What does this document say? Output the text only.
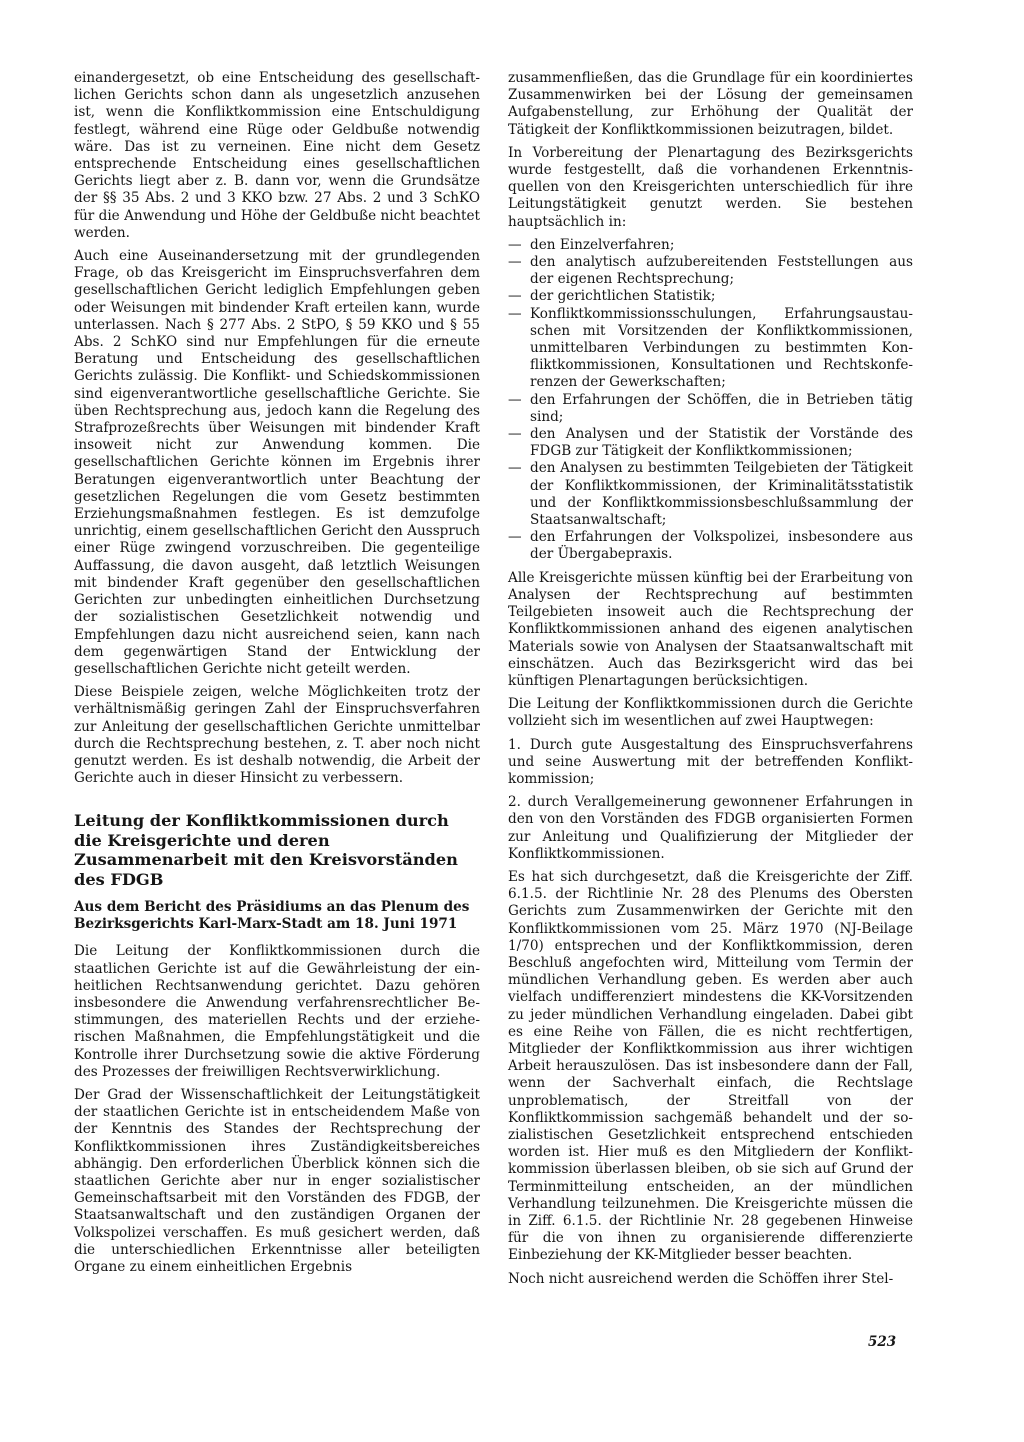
einandergesetzt, ob eine Entscheidung des gesellschaftlichen Gerichts schon dann als ungesetzlich anzusehen ist, wenn die Konfliktkommission eine Entschuldigung festlegt, während eine Rüge oder Geldbuße notwendig wäre. Das ist zu verneinen. Eine nicht dem Gesetz entsprechende Entscheidung eines gesellschaftlichen Gerichts liegt aber z. B. dann vor, wenn die Grundsätze der §§ 35 Abs. 2 und 3 KKO bzw. 27 Abs. 2 und 3 SchKO für die Anwendung und Höhe der Geldbuße nicht beachtet werden.

Auch eine Auseinandersetzung mit der grundlegenden Frage, ob das Kreisgericht im Einspruchsverfahren dem gesellschaftlichen Gericht lediglich Empfehlungen geben oder Weisungen mit bindender Kraft erteilen kann, wurde unterlassen. Nach § 277 Abs. 2 StPO, § 59 KKO und § 55 Abs. 2 SchKO sind nur Empfehlungen für die erneute Beratung und Entscheidung des gesellschaftlichen Gerichts zulässig. Die Konflikt- und Schiedskommissionen sind eigenverantwortliche gesellschaftliche Gerichte. Sie üben Rechtsprechung aus, jedoch kann die Regelung des Strafprozeßrechts über Weisungen mit bindender Kraft insoweit nicht zur Anwendung kommen. Die gesellschaftlichen Gerichte können im Ergebnis ihrer Beratungen eigenverantwortlich unter Beachtung der gesetzlichen Regelungen die vom Gesetz bestimmten Erziehungsmaßnahmen festlegen. Es ist demzufolge unrichtig, einem gesellschaftlichen Gericht den Ausspruch einer Rüge zwingend vorzuschreiben. Die gegenteilige Auffassung, die davon ausgeht, daß letztlich Weisungen mit bindender Kraft gegenüber den gesellschaftlichen Gerichten zur unbedingten einheitlichen Durchsetzung der sozialistischen Gesetzlichkeit notwendig und Empfehlungen dazu nicht ausreichend seien, kann nach dem gegenwärtigen Stand der Entwicklung der gesellschaftlichen Gerichte nicht geteilt werden.

Diese Beispiele zeigen, welche Möglichkeiten trotz der verhältnismäßig geringen Zahl der Einspruchsverfahren zur Anleitung der gesellschaftlichen Gerichte unmittelbar durch die Rechtsprechung bestehen, z. T. aber noch nicht genutzt werden. Es ist deshalb notwendig, die Arbeit der Gerichte auch in dieser Hinsicht zu verbessern.

Leitung der Konfliktkommissionen durch die Kreisgerichte und deren Zusammenarbeit mit den Kreisvorständen des FDGB
Aus dem Bericht des Präsidiums an das Plenum des Bezirksgerichts Karl-Marx-Stadt am 18. Juni 1971

Die Leitung der Konfliktkommissionen durch die staatlichen Gerichte ist auf die Gewährleistung der einheitlichen Rechtsanwendung gerichtet. Dazu gehören insbesondere die Anwendung verfahrensrechtlicher Bestimmungen, des materiellen Rechts und der erzieherischen Maßnahmen, die Empfehlungstätigkeit und die Kontrolle ihrer Durchsetzung sowie die aktive Förderung des Prozesses der freiwilligen Rechtsverwirklichung.

Der Grad der Wissenschaftlichkeit der Leitungstätigkeit der staatlichen Gerichte ist in entscheidendem Maße von der Kenntnis des Standes der Rechtsprechung der Konfliktkommissionen ihres Zuständigkeitsbereiches abhängig. Den erforderlichen Überblick können sich die staatlichen Gerichte aber nur in enger sozialistischer Gemeinschaftsarbeit mit den Vorständen des FDGB, der Staatsanwaltschaft und den zuständigen Organen der Volkspolizei verschaffen. Es muß gesichert werden, daß die unterschiedlichen Erkenntnisse aller beteiligten Organe zu einem einheitlichen Ergebnis

zusammenfließen, das die Grundlage für ein koordiniertes Zusammenwirken bei der Lösung der gemeinsamen Aufgabenstellung, zur Erhöhung der Qualität der Tätigkeit der Konfliktkommissionen beizutragen, bildet.

In Vorbereitung der Plenartagung des Bezirksgerichts wurde festgestellt, daß die vorhandenen Erkenntnisquellen von den Kreisgerichten unterschiedlich für ihre Leitungstätigkeit genutzt werden. Sie bestehen hauptsächlich in:

— den Einzelverfahren;
— den analytisch aufzubereitenden Feststellungen aus der eigenen Rechtsprechung;
— der gerichtlichen Statistik;
— Konfliktkommissionsschulungen, Erfahrungsaustauschen mit Vorsitzenden der Konfliktkommissionen, unmittelbaren Verbindungen zu bestimmten Konfliktkommissionen, Konsultationen und Rechtskonferenzen der Gewerkschaften;
— den Erfahrungen der Schöffen, die in Betrieben tätig sind;
— den Analysen und der Statistik der Vorstände des FDGB zur Tätigkeit der Konfliktkommissionen;
— den Analysen zu bestimmten Teilgebieten der Tätigkeit der Konfliktkommissionen, der Kriminalitätsstatistik und der Konfliktkommissionsbeschlußsammlung der Staatsanwaltschaft;
— den Erfahrungen der Volkspolizei, insbesondere aus der Übergabepraxis.

Alle Kreisgerichte müssen künftig bei der Erarbeitung von Analysen der Rechtsprechung auf bestimmten Teilgebieten insoweit auch die Rechtsprechung der Konfliktkommissionen anhand des eigenen analytischen Materials sowie von Analysen der Staatsanwaltschaft mit einschätzen. Auch das Bezirksgericht wird das bei künftigen Plenartagungen berücksichtigen.

Die Leitung der Konfliktkommissionen durch die Gerichte vollzieht sich im wesentlichen auf zwei Hauptwegen:

1. Durch gute Ausgestaltung des Einspruchsverfahrens und seine Auswertung mit der betreffenden Konfliktkommission;
2. durch Verallgemeinerung gewonnener Erfahrungen in den von den Vorständen des FDGB organisierten Formen zur Anleitung und Qualifizierung der Mitglieder der Konfliktkommissionen.

Es hat sich durchgesetzt, daß die Kreisgerichte der Ziff. 6.1.5. der Richtlinie Nr. 28 des Plenums des Obersten Gerichts zum Zusammenwirken der Gerichte mit den Konfliktkommissionen vom 25. März 1970 (NJ-Beilage 1/70) entsprechen und der Konfliktkommission, deren Beschluß angefochten wird, Mitteilung vom Termin der mündlichen Verhandlung geben. Es werden aber auch vielfach undifferenziert mindestens die KK-Vorsitzenden zu jeder mündlichen Verhandlung eingeladen. Dabei gibt es eine Reihe von Fällen, die es nicht rechtfertigen, Mitglieder der Konfliktkommission aus ihrer wichtigen Arbeit herauszulösen. Das ist insbesondere dann der Fall, wenn der Sachverhalt einfach, die Rechtslage unproblematisch, der Streitfall von der Konfliktkommission sachgemäß behandelt und der sozialistischen Gesetzlichkeit entsprechend entschieden worden ist. Hier muß es den Mitgliedern der Konfliktkommission überlassen bleiben, ob sie sich auf Grund der Terminmitteilung entscheiden, an der mündlichen Verhandlung teilzunehmen. Die Kreisgerichte müssen die in Ziff. 6.1.5. der Richtlinie Nr. 28 gegebenen Hinweise für die von ihnen zu organisierende differenzierte Einbeziehung der KK-Mitglieder besser beachten.

Noch nicht ausreichend werden die Schöffen ihrer Stel-

523
